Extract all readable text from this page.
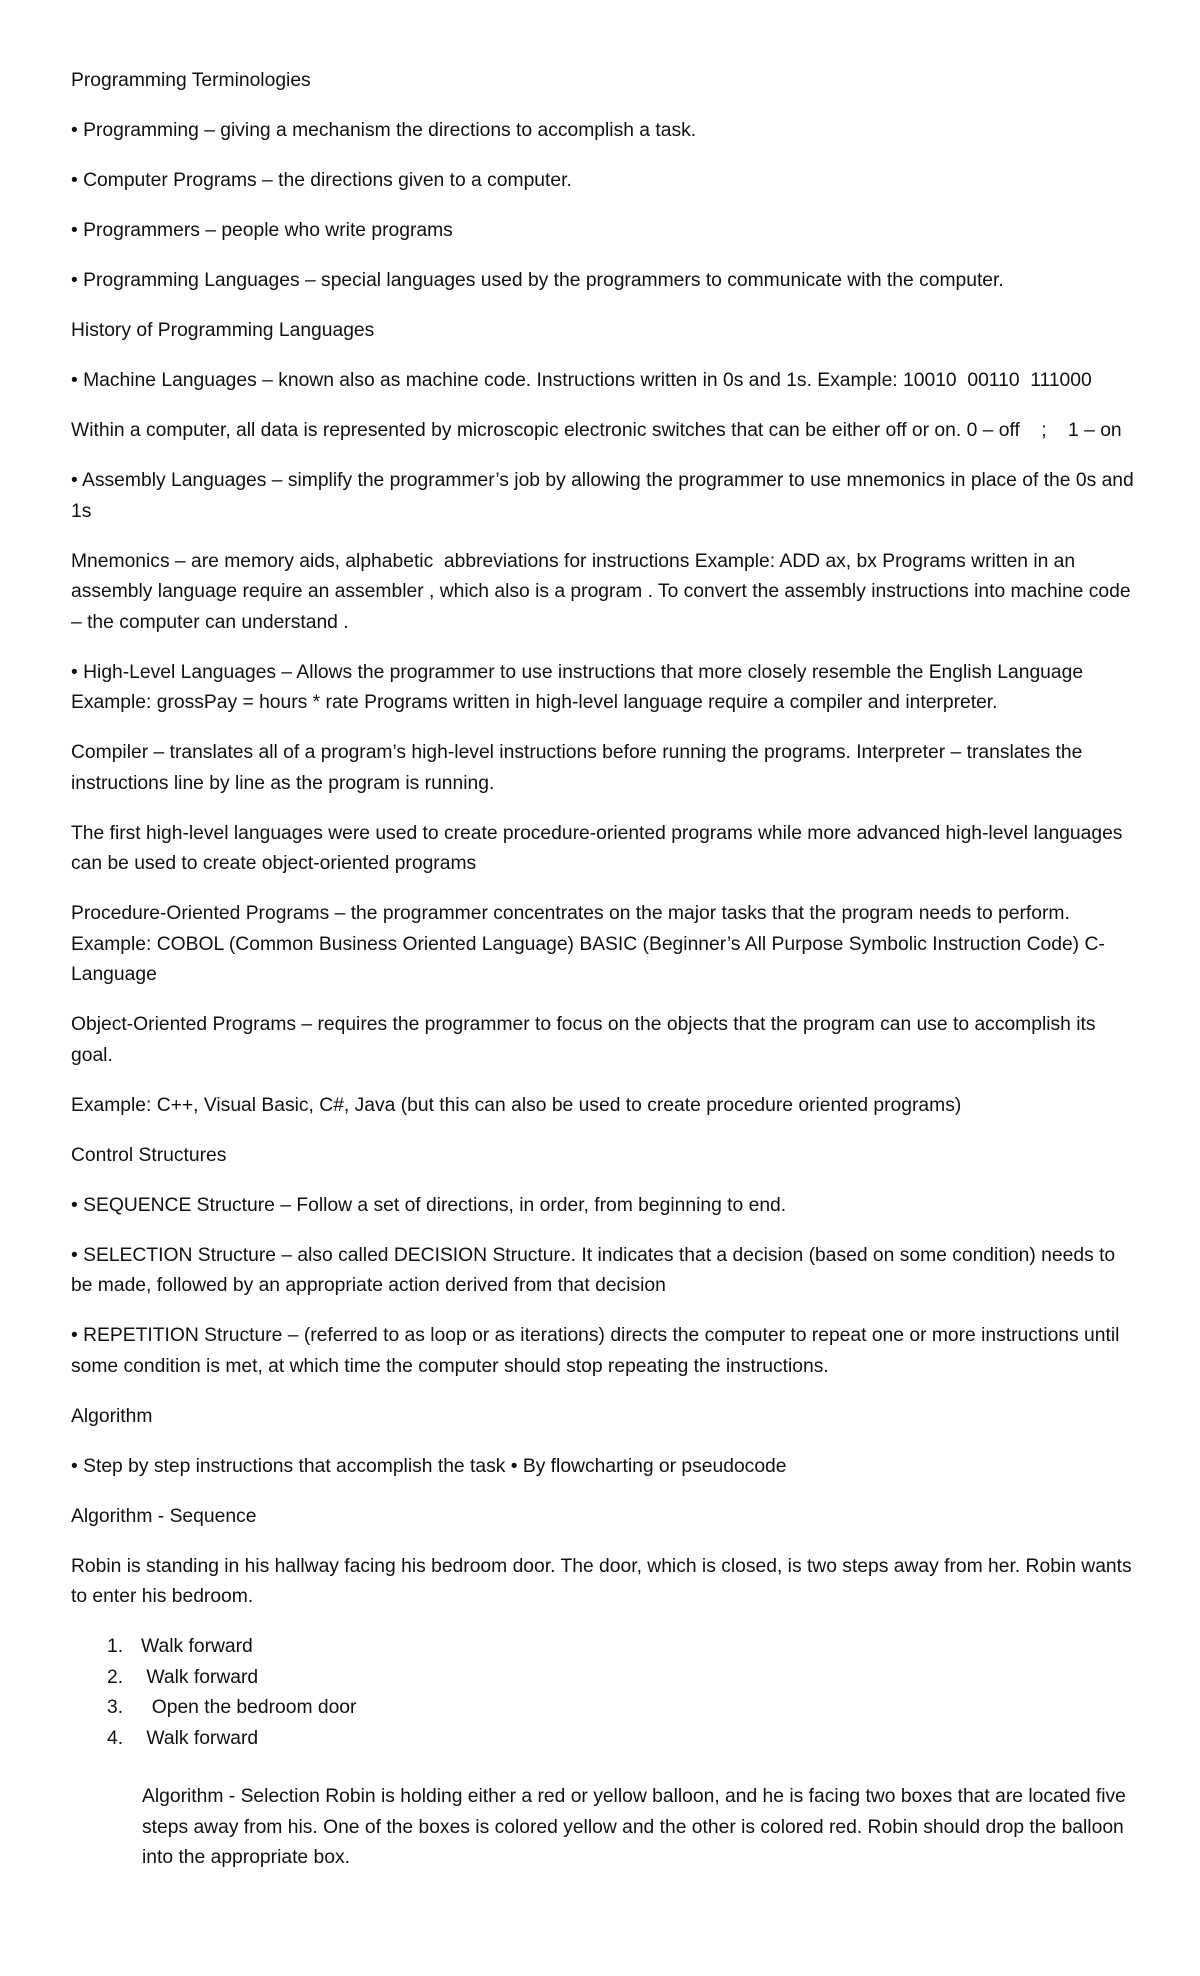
Programming Terminologies

• Programming – giving a mechanism the directions to accomplish a task.

• Computer Programs – the directions given to a computer.

• Programmers – people who write programs

• Programming Languages – special languages used by the programmers to communicate with the computer.

History of Programming Languages

• Machine Languages – known also as machine code. Instructions written in 0s and 1s. Example: 10010  00110  111000

Within a computer, all data is represented by microscopic electronic switches that can be either off or on. 0 – off    ;    1 – on

• Assembly Languages – simplify the programmer’s job by allowing the programmer to use mnemonics in place of the 0s and 1s

Mnemonics – are memory aids, alphabetic  abbreviations for instructions Example: ADD ax, bx Programs written in an assembly language require an assembler , which also is a program . To convert the assembly instructions into machine code – the computer can understand .

• High-Level Languages – Allows the programmer to use instructions that more closely resemble the English Language Example: grossPay = hours * rate Programs written in high-level language require a compiler and interpreter.

Compiler – translates all of a program’s high-level instructions before running the programs. Interpreter – translates the instructions line by line as the program is running.

The first high-level languages were used to create procedure-oriented programs while more advanced high-level languages can be used to create object-oriented programs

Procedure-Oriented Programs – the programmer concentrates on the major tasks that the program needs to perform. Example: COBOL (Common Business Oriented Language) BASIC (Beginner’s All Purpose Symbolic Instruction Code) C-Language

Object-Oriented Programs – requires the programmer to focus on the objects that the program can use to accomplish its goal.

Example: C++, Visual Basic, C#, Java (but this can also be used to create procedure oriented programs)

Control Structures

• SEQUENCE Structure – Follow a set of directions, in order, from beginning to end.

• SELECTION Structure – also called DECISION Structure. It indicates that a decision (based on some condition) needs to be made, followed by an appropriate action derived from that decision

• REPETITION Structure – (referred to as loop or as iterations) directs the computer to repeat one or more instructions until some condition is met, at which time the computer should stop repeating the instructions.

Algorithm

• Step by step instructions that accomplish the task • By flowcharting or pseudocode

Algorithm - Sequence

Robin is standing in his hallway facing his bedroom door. The door, which is closed, is two steps away from her. Robin wants to enter his bedroom.

1. Walk forward
2. Walk forward
3. Open the bedroom door
4. Walk forward

Algorithm - Selection Robin is holding either a red or yellow balloon, and he is facing two boxes that are located five steps away from his. One of the boxes is colored yellow and the other is colored red. Robin should drop the balloon into the appropriate box.
